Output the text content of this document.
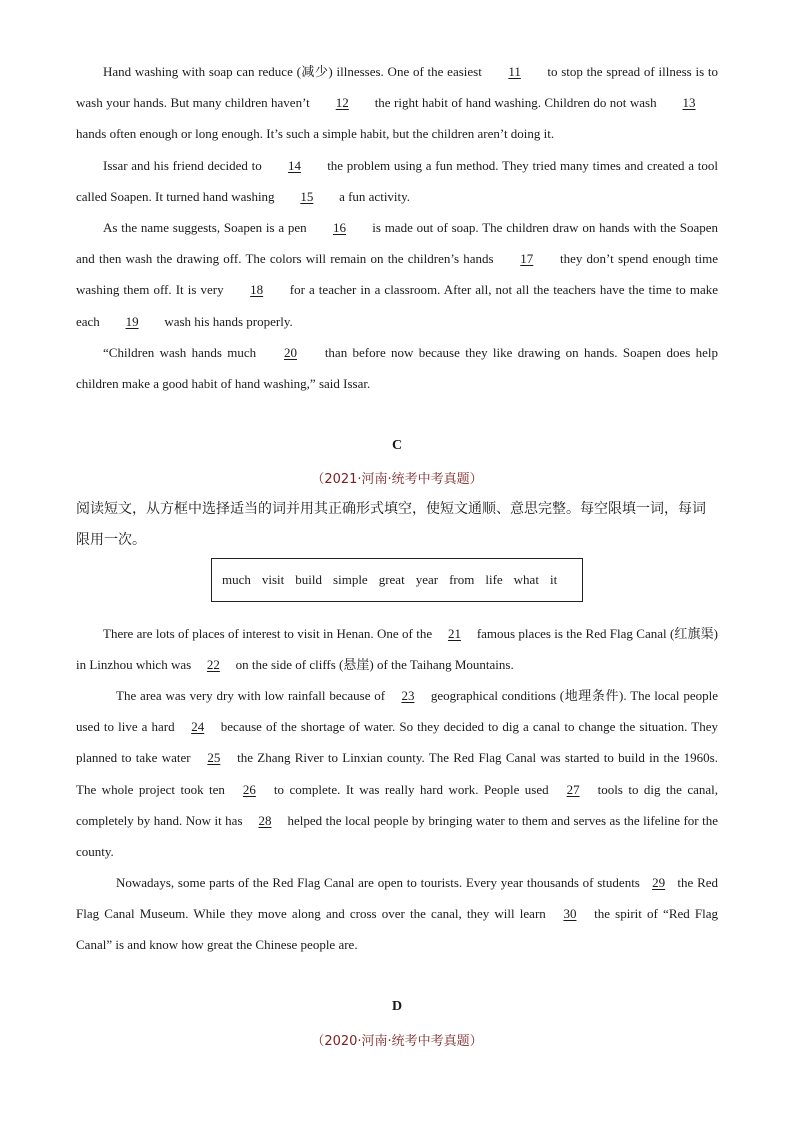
Hand washing with soap can reduce (减少) illnesses. One of the easiest 11 to stop the spread of illness is to wash your hands. But many children haven’t 12 the right habit of hand washing. Children do not wash 13 hands often enough or long enough. It’s such a simple habit, but the children aren’t doing it.

Issar and his friend decided to 14 the problem using a fun method. They tried many times and created a tool called Soapen. It turned hand washing 15 a fun activity.

As the name suggests, Soapen is a pen 16 is made out of soap. The children draw on hands with the Soapen and then wash the drawing off. The colors will remain on the children’s hands 17 they don’t spend enough time washing them off. It is very 18 for a teacher in a classroom. After all, not all the teachers have the time to make each 19 wash his hands properly.

“Children wash hands much 20 than before now because they like drawing on hands. Soapen does help children make a good habit of hand washing,” said Issar.

C

（2021·河南·统考中考真题）

阅读短文，从方框中选择适当的词并用其正确形式填空，使短文通顺、意思完整。每空限填一词，每词限用一次。

much visit build simple great year from life what it

There are lots of places of interest to visit in Henan. One of the 21 famous places is the Red Flag Canal (红旗渠) in Linzhou which was 22 on the side of cliffs (悬崖) of the Taihang Mountains.

The area was very dry with low rainfall because of 23 geographical conditions (地理条件). The local people used to live a hard 24 because of the shortage of water. So they decided to dig a canal to change the situation. They planned to take water 25 the Zhang River to Linxian county. The Red Flag Canal was started to build in the 1960s. The whole project took ten 26 to complete. It was really hard work. People used 27 tools to dig the canal, completely by hand. Now it has 28 helped the local people by bringing water to them and serves as the lifeline for the county.

Nowadays, some parts of the Red Flag Canal are open to tourists. Every year thousands of students 29 the Red Flag Canal Museum. While they move along and cross over the canal, they will learn 30 the spirit of “Red Flag Canal” is and know how great the Chinese people are.

D

（2020·河南·统考中考真题）
